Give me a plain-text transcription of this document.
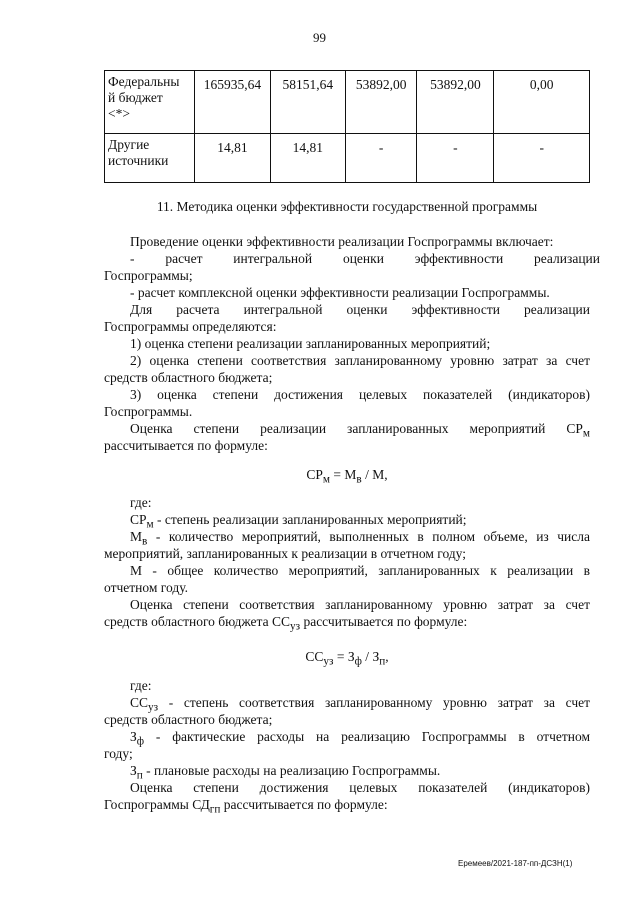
99
Федеральны
й бюджет
<*>	165935,64	58151,64	53892,00	53892,00	0,00
Другие
источники	14,81	14,81	-	-	-

11. Методика оценки эффективности государственной программы

Проведение оценки эффективности реализации Госпрограммы включает:

- расчет интегральной оценки эффективности реализации

Госпрограммы;

- расчет комплексной оценки эффективности реализации Госпрограммы.

Для расчета интегральной оценки эффективности реализации

Госпрограммы определяются:

1) оценка степени реализации запланированных мероприятий;

2) оценка степени соответствия запланированному уровню затрат за счет

средств областного бюджета;

3) оценка степени достижения целевых показателей (индикаторов)

Госпрограммы.

Оценка степени реализации запланированных мероприятий $СР_м$

рассчитывается по формуле:

$СР_м = М_в / М$,

где:

$СР_м$ - степень реализации запланированных мероприятий;

$М_в$ - количество мероприятий, выполненных в полном объеме, из числа

мероприятий, запланированных к реализации в отчетном году;

М - общее количество мероприятий, запланированных к реализации в

отчетном году.

Оценка степени соответствия запланированному уровню затрат за счет

средств областного бюджета $СС_{уз}$ рассчитывается по формуле:

$СС_{уз} = З_ф / З_п$,

где:

$СС_{уз}$ - степень соответствия запланированному уровню затрат за счет

средств областного бюджета;

$З_ф$ - фактические расходы на реализацию Госпрограммы в отчетном

году;

$З_п$ - плановые расходы на реализацию Госпрограммы.

Оценка степени достижения целевых показателей (индикаторов)

Госпрограммы $СД_{гп}$ рассчитывается по формуле:

Еремеев/2021-187-пп-ДСЗН(1)
